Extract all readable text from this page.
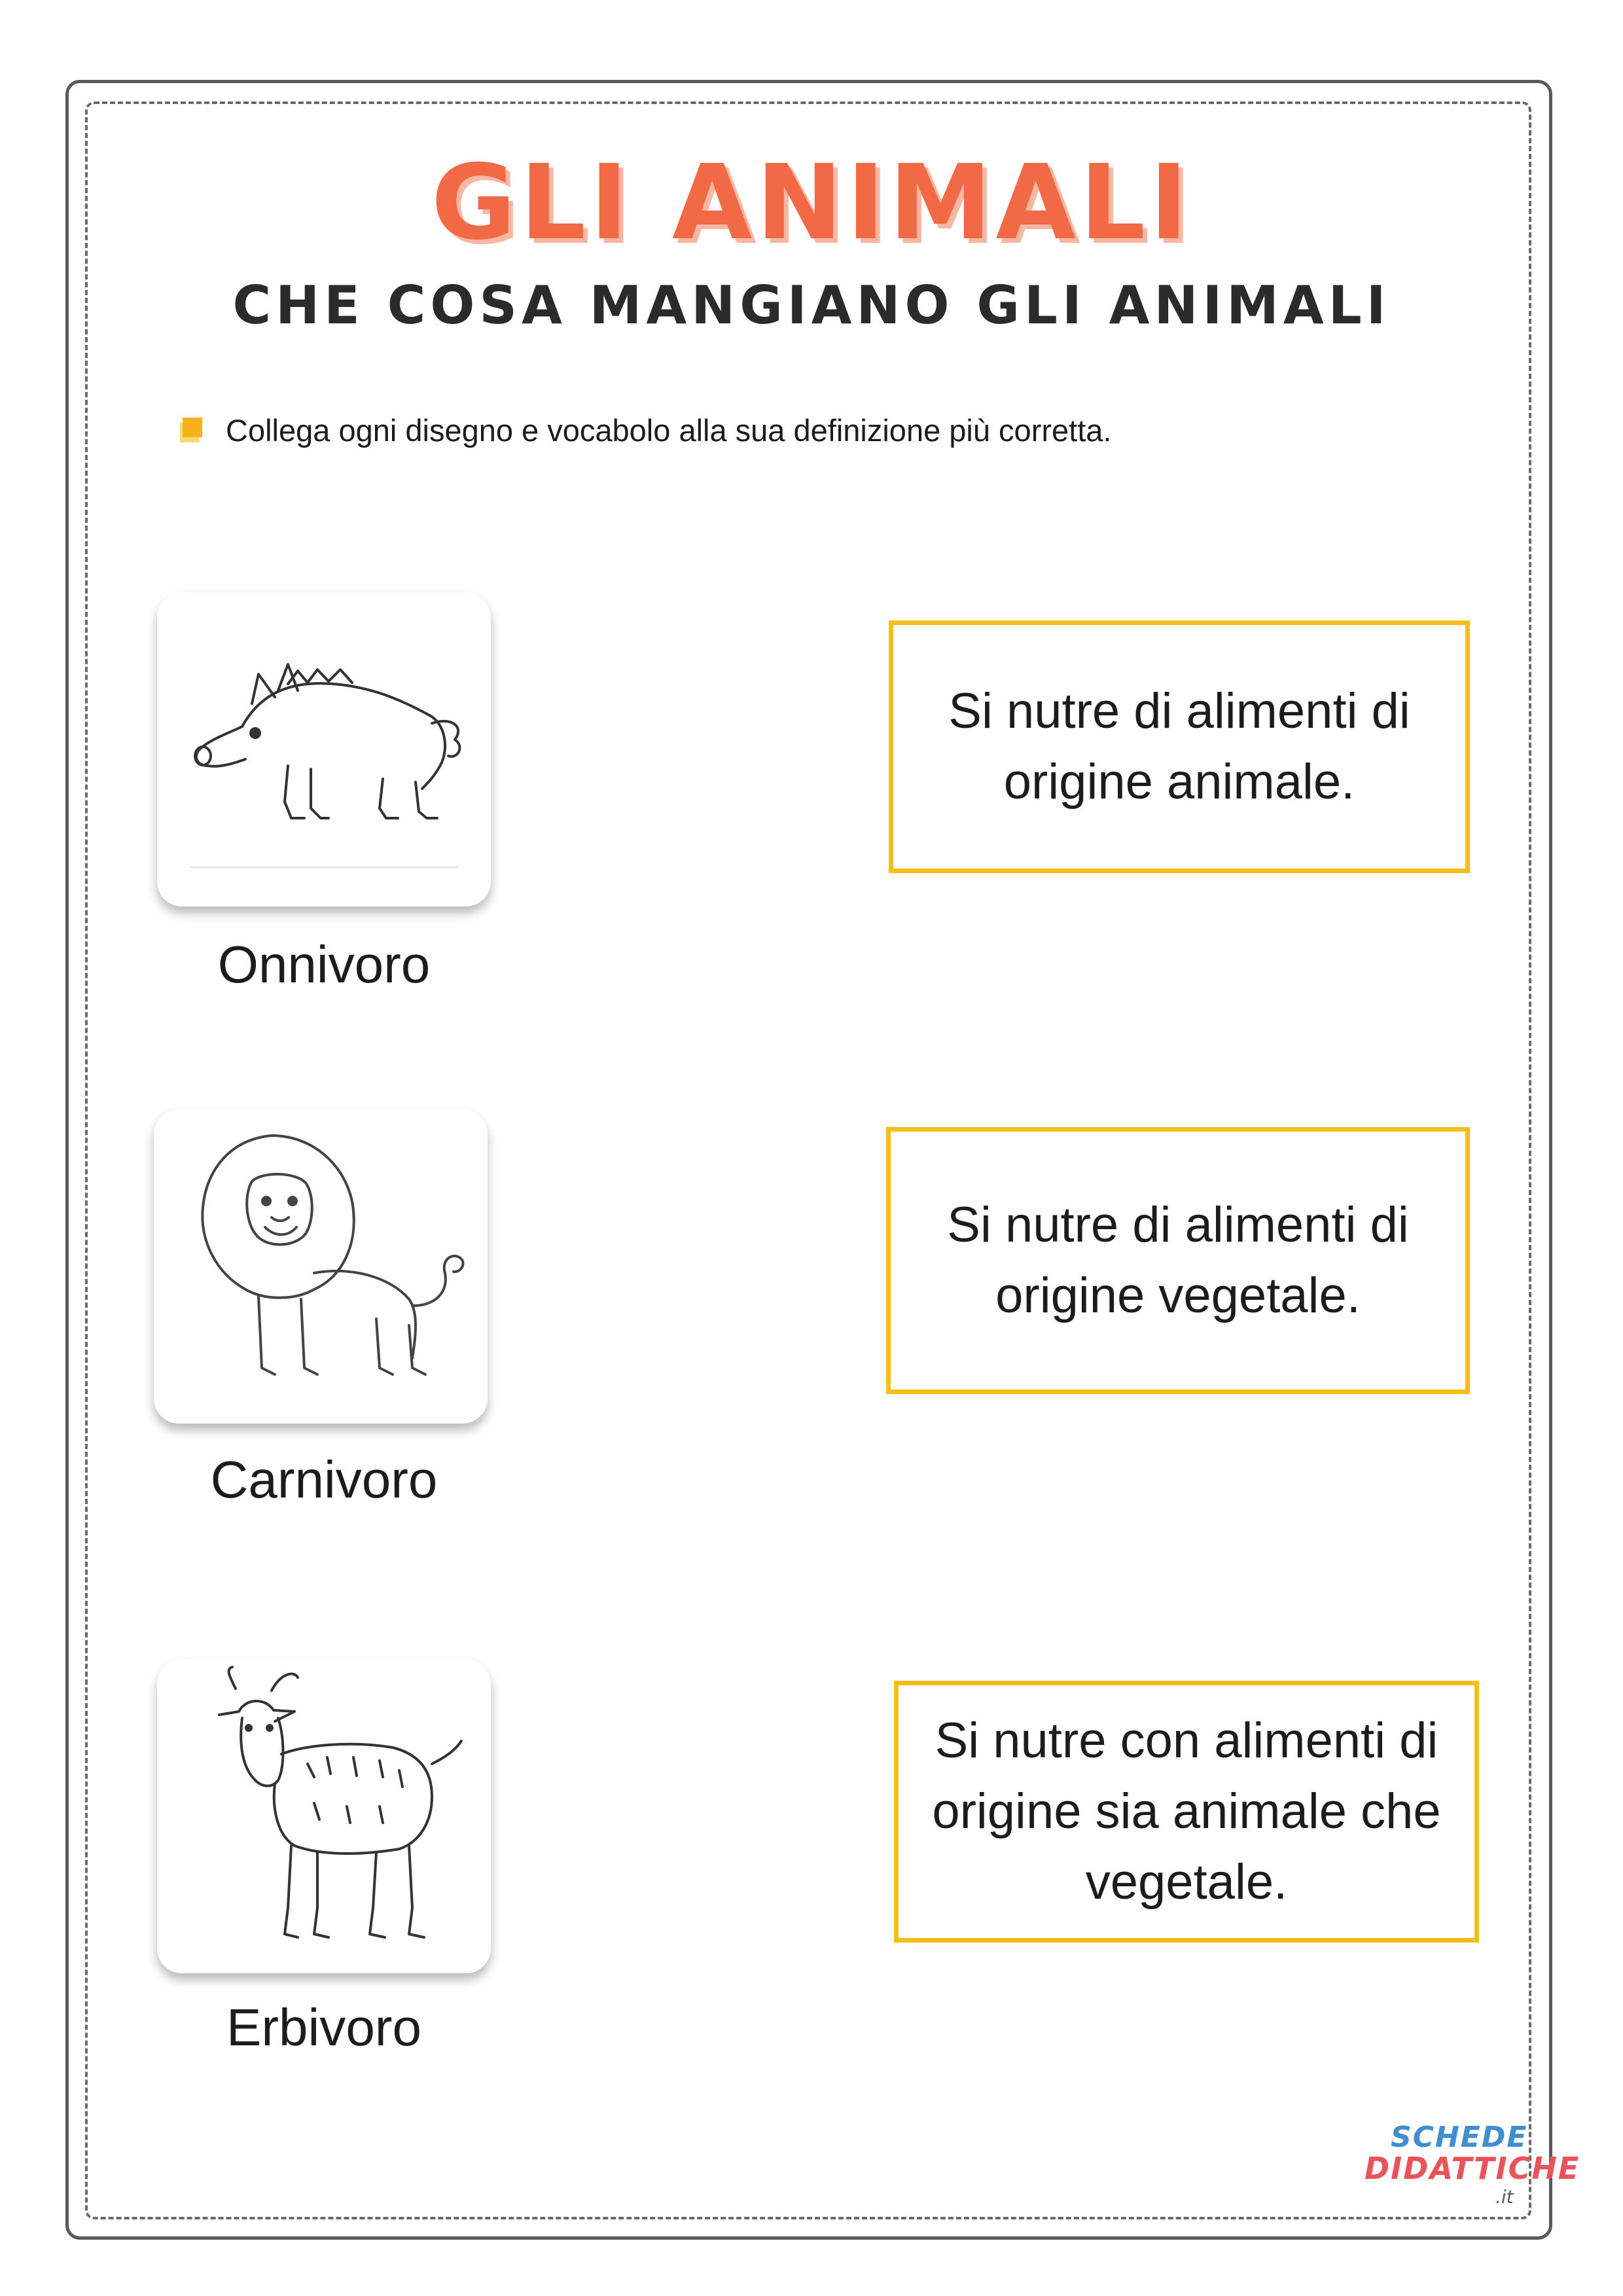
GLI ANIMALI
CHE COSA MANGIANO GLI ANIMALI
Collega ogni disegno e vocabolo alla sua definizione più corretta.
Onnivoro
Carnivoro
Erbivoro
Si nutre di alimenti di
origine animale.
Si nutre di alimenti di
origine vegetale.
Si nutre con alimenti di
origine sia animale che
vegetale.
SCHEDE
DIDATTICHE
.it
